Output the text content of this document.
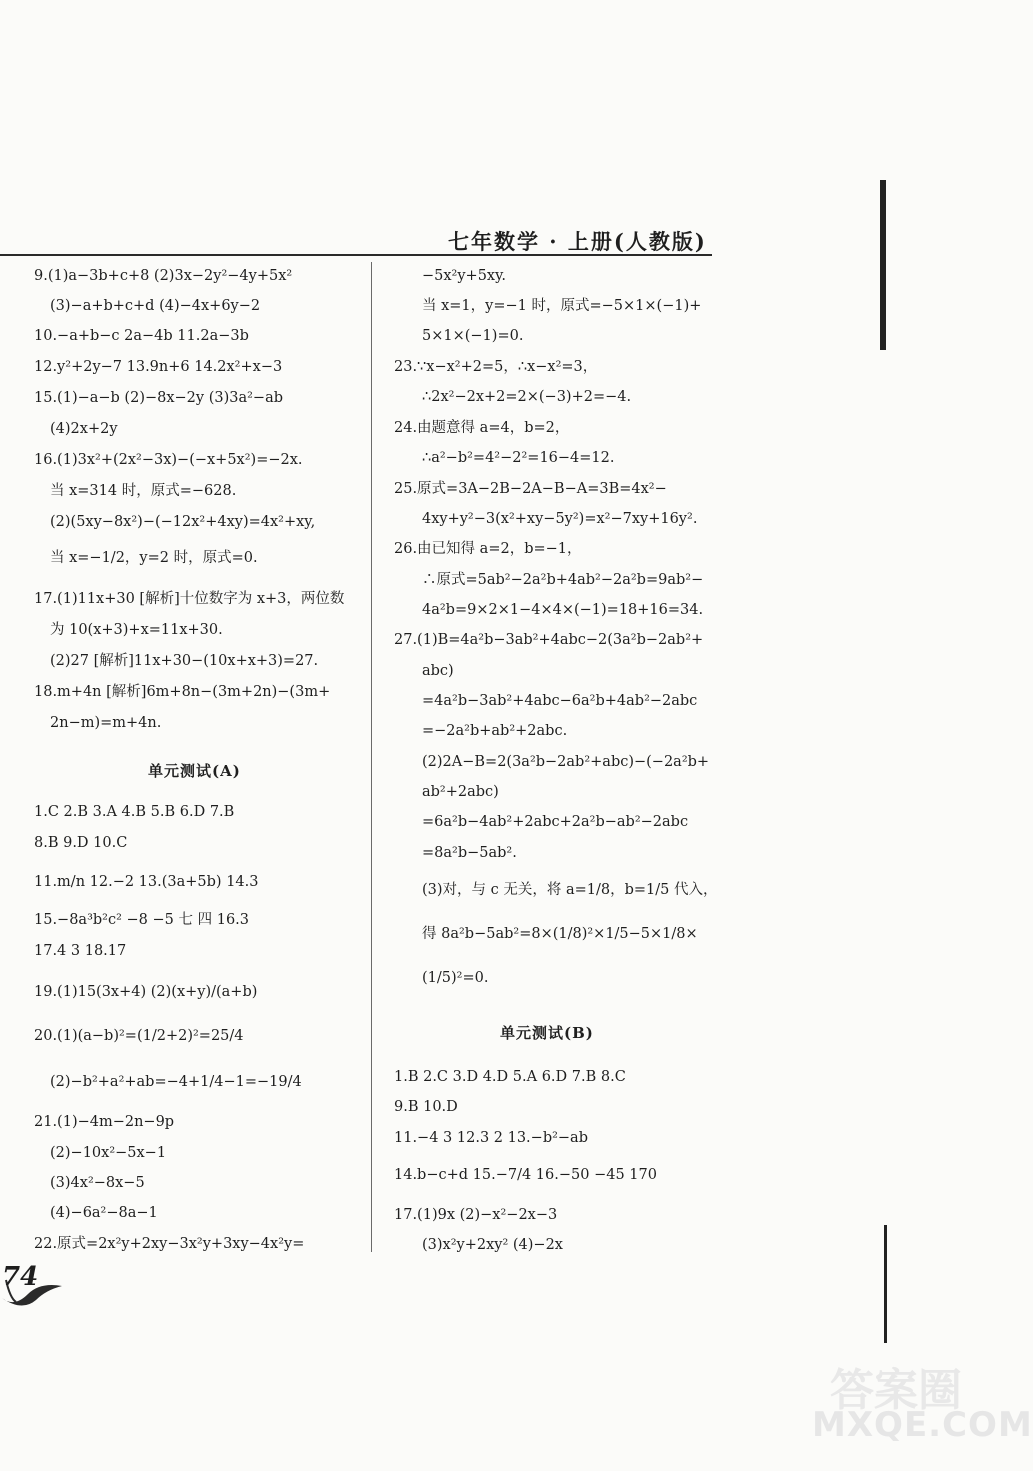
七年数学 · 上册(人教版)
9.(1)a−3b+c+8 (2)3x−2y²−4y+5x²
(3)−a+b+c+d (4)−4x+6y−2
10.−a+b−c 2a−4b 11.2a−3b
12.y²+2y−7 13.9n+6 14.2x²+x−3
15.(1)−a−b (2)−8x−2y (3)3a²−ab
(4)2x+2y
16.(1)3x²+(2x²−3x)−(−x+5x²)=−2x.
当 x=314 时，原式=−628.
(2)(5xy−8x²)−(−12x²+4xy)=4x²+xy,
当 x=−1/2，y=2 时，原式=0.
17.(1)11x+30 [解析]十位数字为 x+3，两位数
为 10(x+3)+x=11x+30.
(2)27 [解析]11x+30−(10x+x+3)=27.
18.m+4n [解析]6m+8n−(3m+2n)−(3m+
2n−m)=m+4n.
单元测试(A)
1.C 2.B 3.A 4.B 5.B 6.D 7.B
8.B 9.D 10.C
11.m/n 12.−2 13.(3a+5b) 14.3
15.−8a³b²c² −8 −5 七 四 16.3
17.4 3 18.17
19.(1)15(3x+4) (2)(x+y)/(a+b)
20.(1)(a−b)²=(1/2+2)²=25/4
(2)−b²+a²+ab=−4+1/4−1=−19/4
21.(1)−4m−2n−9p
(2)−10x²−5x−1
(3)4x²−8x−5
(4)−6a²−8a−1
22.原式=2x²y+2xy−3x²y+3xy−4x²y=
−5x²y+5xy.
当 x=1，y=−1 时，原式=−5×1×(−1)+
5×1×(−1)=0.
23.∵x−x²+2=5，∴x−x²=3，
∴2x²−2x+2=2×(−3)+2=−4.
24.由题意得 a=4，b=2，
∴a²−b²=4²−2²=16−4=12.
25.原式=3A−2B−2A−B−A=3B=4x²−
4xy+y²−3(x²+xy−5y²)=x²−7xy+16y².
26.由已知得 a=2，b=−1，
∴原式=5ab²−2a²b+4ab²−2a²b=9ab²−
4a²b=9×2×1−4×4×(−1)=18+16=34.
27.(1)B=4a²b−3ab²+4abc−2(3a²b−2ab²+
abc)
=4a²b−3ab²+4abc−6a²b+4ab²−2abc
=−2a²b+ab²+2abc.
(2)2A−B=2(3a²b−2ab²+abc)−(−2a²b+
ab²+2abc)
=6a²b−4ab²+2abc+2a²b−ab²−2abc
=8a²b−5ab².
(3)对，与 c 无关，将 a=1/8，b=1/5 代入，
得 8a²b−5ab²=8×(1/8)²×1/5−5×1/8×
(1/5)²=0.
单元测试(B)
1.B 2.C 3.D 4.D 5.A 6.D 7.B 8.C
9.B 10.D
11.−4 3 12.3 2 13.−b²−ab
14.b−c+d 15.−7/4 16.−50 −45 170
17.(1)9x (2)−x²−2x−3
(3)x²y+2xy² (4)−2x
74
答案圈
MXQE.COM
